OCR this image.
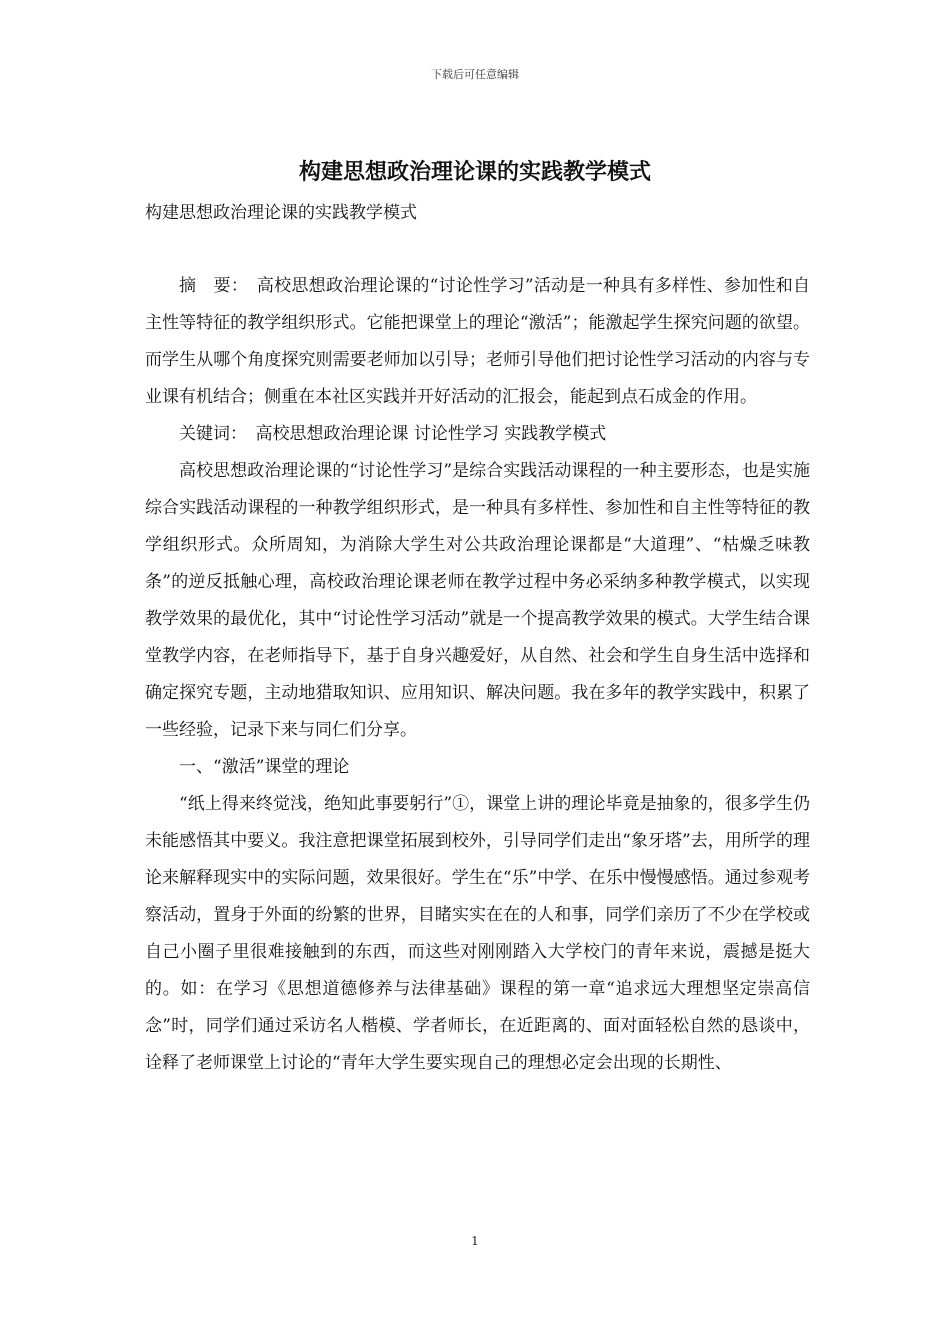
下载后可任意编辑
构建思想政治理论课的实践教学模式

构建思想政治理论课的实践教学模式

摘　要：　高校思想政治理论课的“讨论性学习”活动是一种具有多样性、参加性和自主性等特征的教学组织形式。它能把课堂上的理论“激活”；能激起学生探究问题的欲望。而学生从哪个角度探究则需要老师加以引导；老师引导他们把讨论性学习活动的内容与专业课有机结合；侧重在本社区实践并开好活动的汇报会，能起到点石成金的作用。

关键词：　高校思想政治理论课 讨论性学习 实践教学模式

高校思想政治理论课的“讨论性学习”是综合实践活动课程的一种主要形态，也是实施综合实践活动课程的一种教学组织形式，是一种具有多样性、参加性和自主性等特征的教学组织形式。众所周知，为消除大学生对公共政治理论课都是“大道理”、“枯燥乏味教条”的逆反抵触心理，高校政治理论课老师在教学过程中务必采纳多种教学模式，以实现教学效果的最优化，其中“讨论性学习活动”就是一个提高教学效果的模式。大学生结合课堂教学内容，在老师指导下，基于自身兴趣爱好，从自然、社会和学生自身生活中选择和确定探究专题，主动地猎取知识、应用知识、解决问题。我在多年的教学实践中，积累了一些经验，记录下来与同仁们分享。

一、“激活”课堂的理论

“纸上得来终觉浅，绝知此事要躬行”①，课堂上讲的理论毕竟是抽象的，很多学生仍未能感悟其中要义。我注意把课堂拓展到校外，引导同学们走出“象牙塔”去，用所学的理论来解释现实中的实际问题，效果很好。学生在“乐”中学、在乐中慢慢感悟。通过参观考察活动，置身于外面的纷繁的世界，目睹实实在在的人和事，同学们亲历了不少在学校或自己小圈子里很难接触到的东西，而这些对刚刚踏入大学校门的青年来说，震撼是挺大的。如：在学习《思想道德修养与法律基础》课程的第一章“追求远大理想坚定崇高信念”时，同学们通过采访名人楷模、学者师长，在近距离的、面对面轻松自然的恳谈中，诠释了老师课堂上讨论的“青年大学生要实现自己的理想必定会出现的长期性、

1
